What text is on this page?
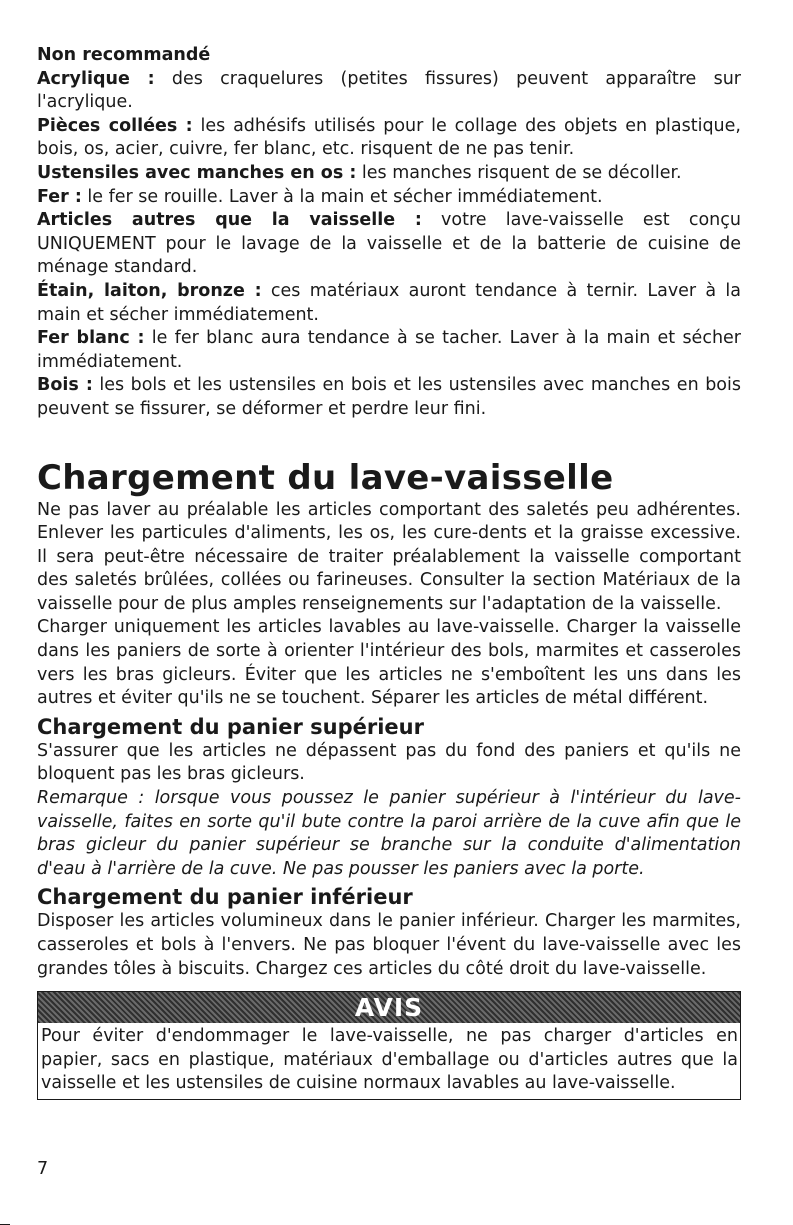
Non recommandé

Acrylique : des craquelures (petites fissures) peuvent apparaître sur l'acrylique.

Pièces collées : les adhésifs utilisés pour le collage des objets en plastique, bois, os, acier, cuivre, fer blanc, etc. risquent de ne pas tenir.

Ustensiles avec manches en os : les manches risquent de se décoller.

Fer : le fer se rouille. Laver à la main et sécher immédiatement.

Articles autres que la vaisselle : votre lave-vaisselle est conçu UNIQUEMENT pour le lavage de la vaisselle et de la batterie de cuisine de ménage standard.

Étain, laiton, bronze : ces matériaux auront tendance à ternir. Laver à la main et sécher immédiatement.

Fer blanc : le fer blanc aura tendance à se tacher. Laver à la main et sécher immédiatement.

Bois : les bols et les ustensiles en bois et les ustensiles avec manches en bois peuvent se fissurer, se déformer et perdre leur fini.

Chargement du lave-vaisselle

Ne pas laver au préalable les articles comportant des saletés peu adhérentes. Enlever les particules d'aliments, les os, les cure-dents et la graisse excessive. Il sera peut-être nécessaire de traiter préalablement la vaisselle comportant des saletés brûlées, collées ou farineuses. Consulter la section Matériaux de la vaisselle pour de plus amples renseignements sur l'adaptation de la vaisselle.

Charger uniquement les articles lavables au lave-vaisselle. Charger la vaisselle dans les paniers de sorte à orienter l'intérieur des bols, marmites et casseroles vers les bras gicleurs. Éviter que les articles ne s'emboîtent les uns dans les autres et éviter qu'ils ne se touchent. Séparer les articles de métal différent.

Chargement du panier supérieur

S'assurer que les articles ne dépassent pas du fond des paniers et qu'ils ne bloquent pas les bras gicleurs.

Remarque : lorsque vous poussez le panier supérieur à l'intérieur du lave-vaisselle, faites en sorte qu'il bute contre la paroi arrière de la cuve afin que le bras gicleur du panier supérieur se branche sur la conduite d'alimentation d'eau à l'arrière de la cuve. Ne pas pousser les paniers avec la porte.

Chargement du panier inférieur

Disposer les articles volumineux dans le panier inférieur. Charger les marmites, casseroles et bols à l'envers. Ne pas bloquer l'évent du lave-vaisselle avec les grandes tôles à biscuits. Chargez ces articles du côté droit du lave-vaisselle.

AVIS
Pour éviter d'endommager le lave-vaisselle, ne pas charger d'articles en papier, sacs en plastique, matériaux d'emballage ou d'articles autres que la vaisselle et les ustensiles de cuisine normaux lavables au lave-vaisselle.
7
